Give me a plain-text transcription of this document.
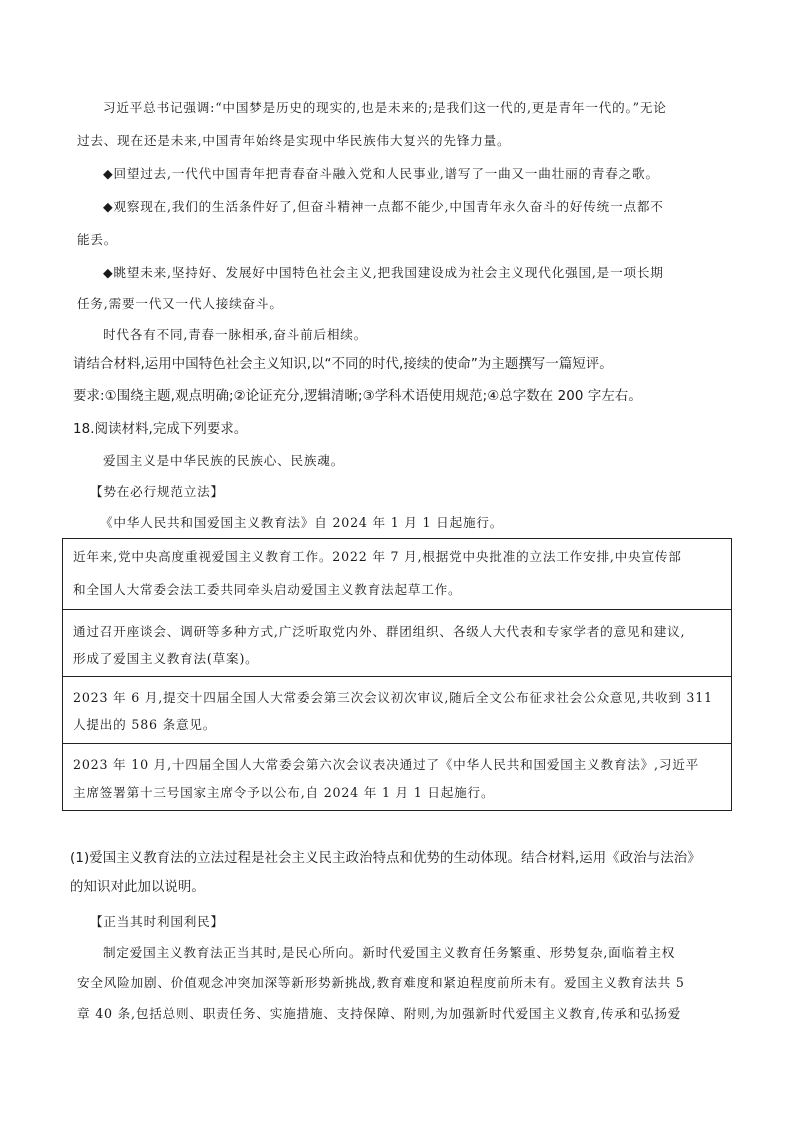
习近平总书记强调:“中国梦是历史的现实的,也是未来的;是我们这一代的,更是青年一代的。”无论
过去、现在还是未来,中国青年始终是实现中华民族伟大复兴的先锋力量。
◆回望过去,一代代中国青年把青春奋斗融入党和人民事业,谱写了一曲又一曲壮丽的青春之歌。
◆观察现在,我们的生活条件好了,但奋斗精神一点都不能少,中国青年永久奋斗的好传统一点都不
能丢。
◆眺望未来,坚持好、发展好中国特色社会主义,把我国建设成为社会主义现代化强国,是一项长期
任务,需要一代又一代人接续奋斗。
时代各有不同,青春一脉相承,奋斗前后相续。
请结合材料,运用中国特色社会主义知识,以“不同的时代,接续的使命”为主题撰写一篇短评。
要求:①围绕主题,观点明确;②论证充分,逻辑清晰;③学科术语使用规范;④总字数在 200 字左右。
18.阅读材料,完成下列要求。
爱国主义是中华民族的民族心、民族魂。
【势在必行规范立法】
《中华人民共和国爱国主义教育法》自 2024 年 1 月 1 日起施行。
近年来,党中央高度重视爱国主义教育工作。2022 年 7 月,根据党中央批准的立法工作安排,中央宣传部
和全国人大常委会法工委共同牵头启动爱国主义教育法起草工作。
通过召开座谈会、调研等多种方式,广泛听取党内外、群团组织、各级人大代表和专家学者的意见和建议,
形成了爱国主义教育法(草案)。
2023 年 6 月,提交十四届全国人大常委会第三次会议初次审议,随后全文公布征求社会公众意见,共收到 311
人提出的 586 条意见。
2023 年 10 月,十四届全国人大常委会第六次会议表决通过了《中华人民共和国爱国主义教育法》,习近平
主席签署第十三号国家主席令予以公布,自 2024 年 1 月 1 日起施行。
(1)爱国主义教育法的立法过程是社会主义民主政治特点和优势的生动体现。结合材料,运用《政治与法治》
的知识对此加以说明。
【正当其时利国利民】
制定爱国主义教育法正当其时,是民心所向。新时代爱国主义教育任务繁重、形势复杂,面临着主权
安全风险加剧、价值观念冲突加深等新形势新挑战,教育难度和紧迫程度前所未有。爱国主义教育法共 5
章 40 条,包括总则、职责任务、实施措施、支持保障、附则,为加强新时代爱国主义教育,传承和弘扬爱
